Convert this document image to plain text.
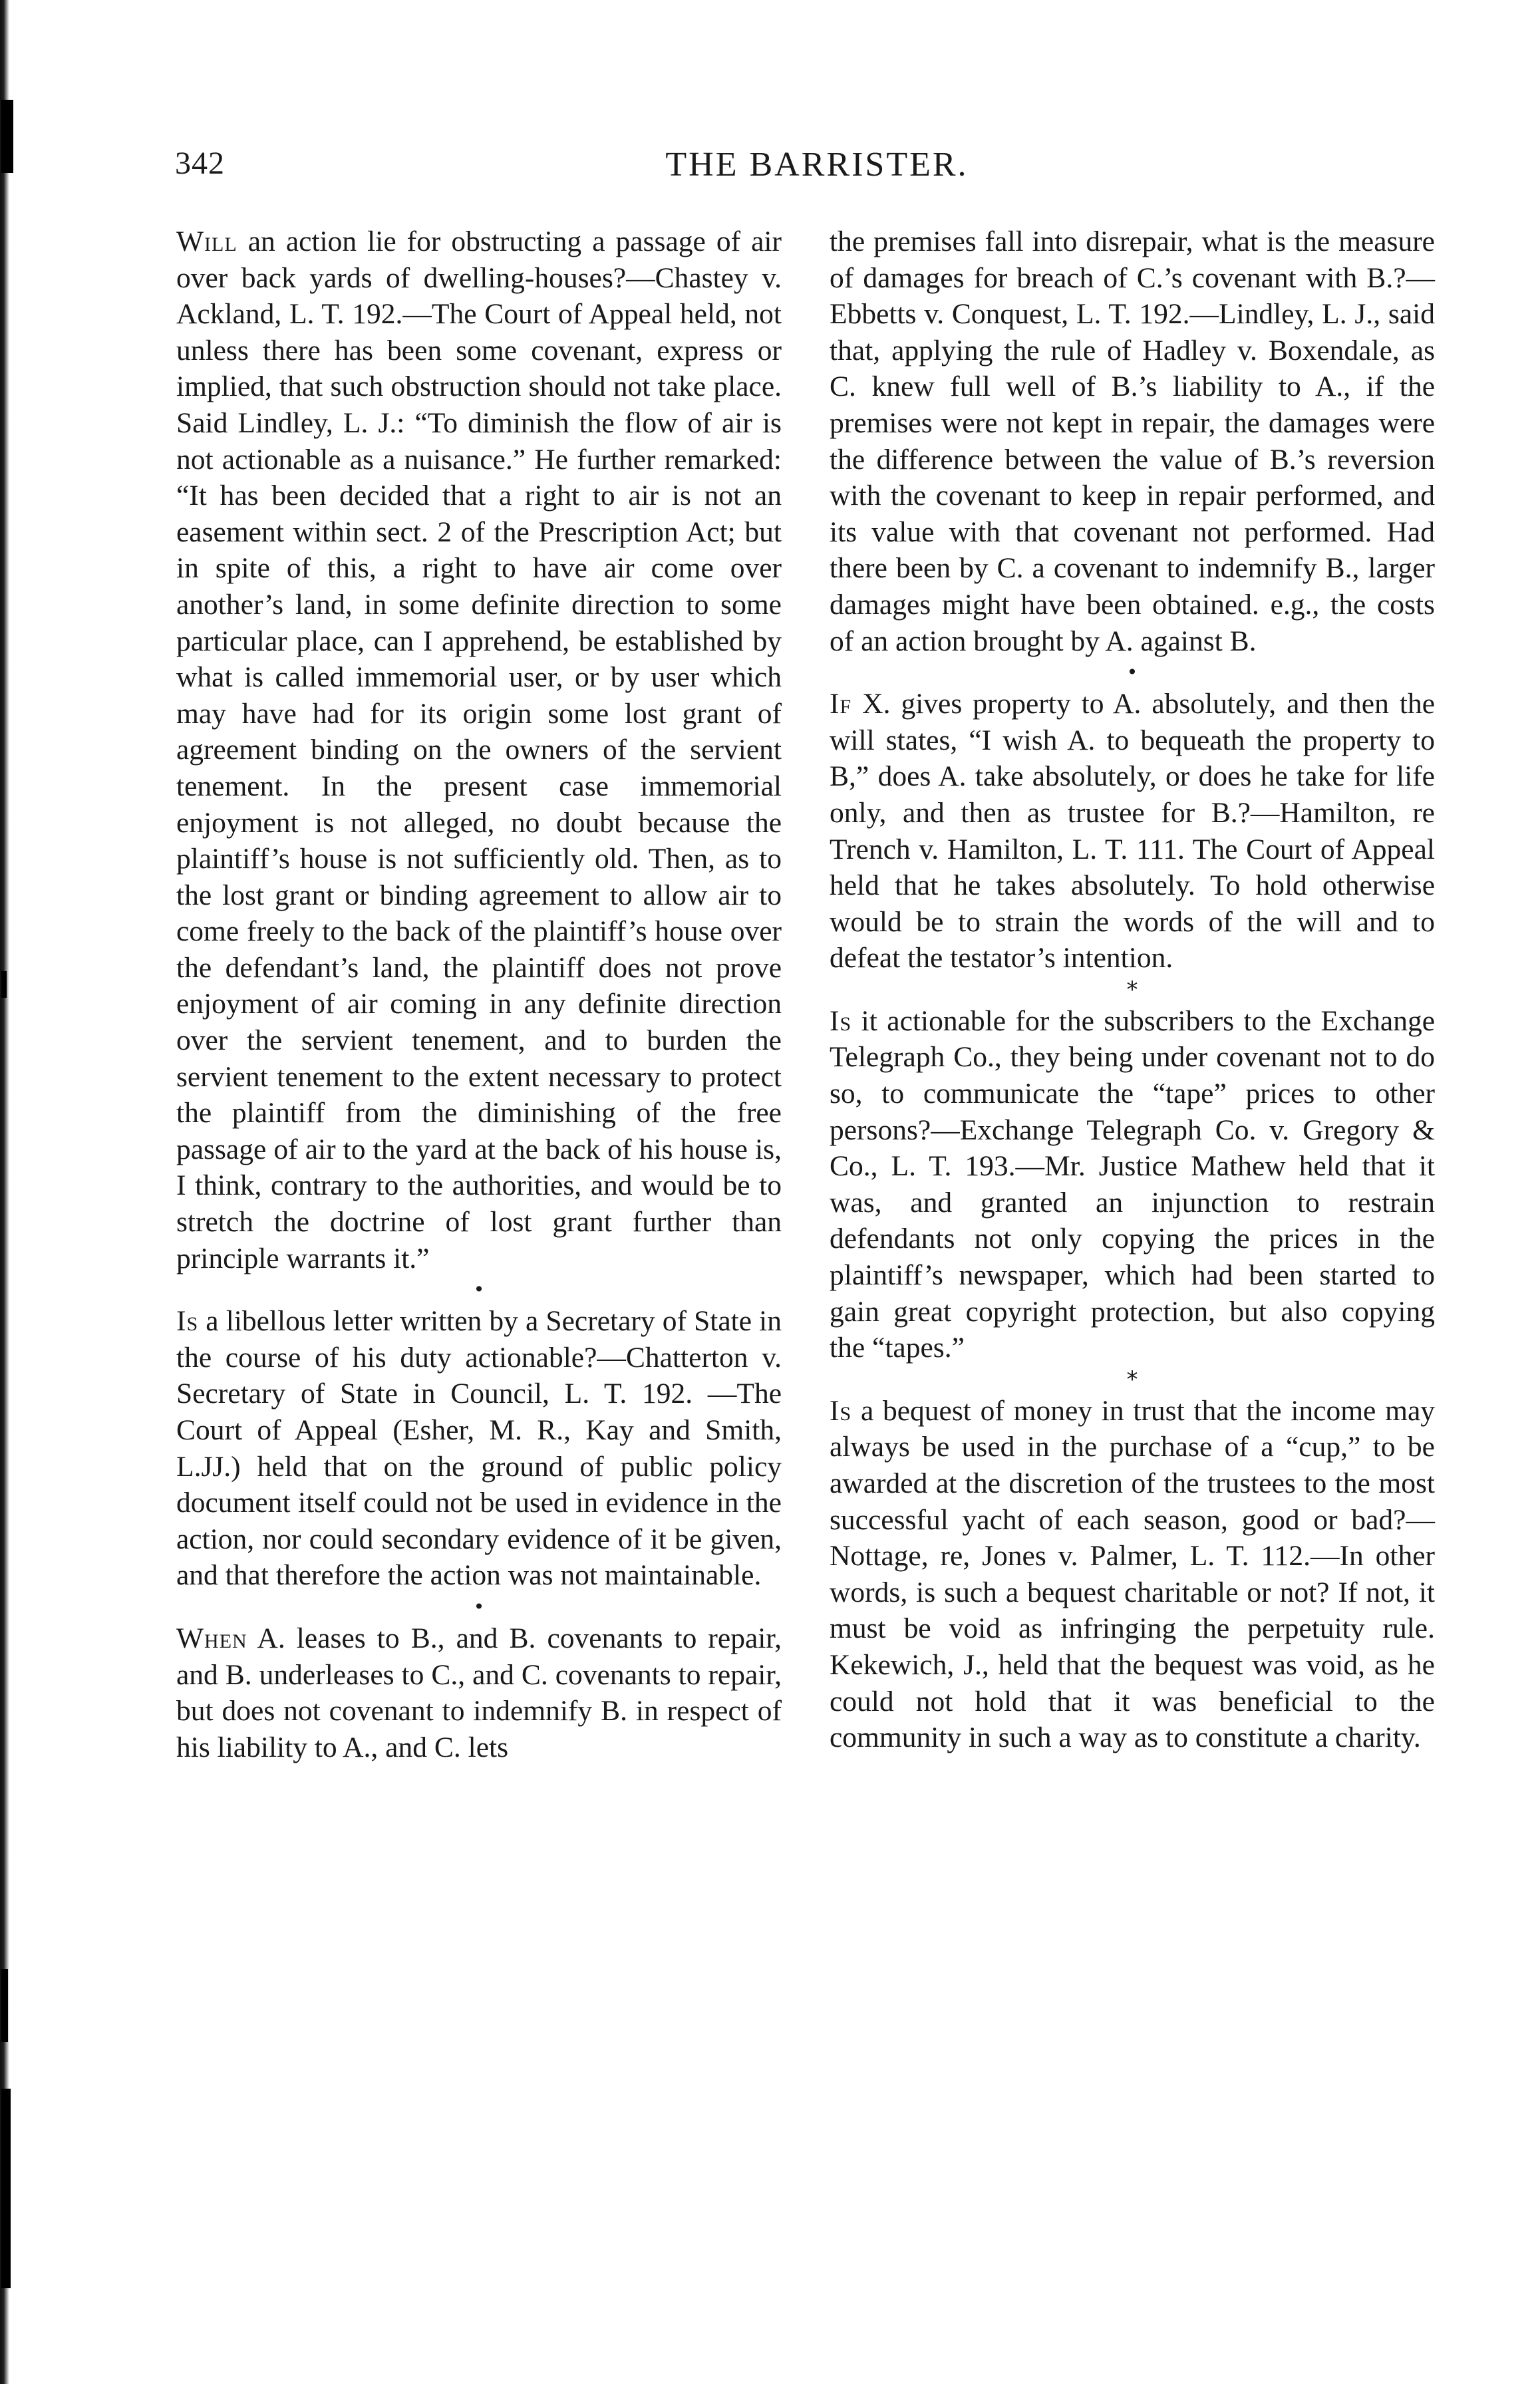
342	THE BARRISTER.

Will an action lie for obstructing a passage of air over back yards of dwelling-houses?—Chastey v. Ackland, L. T. 192.—The Court of Appeal held, not unless there has been some covenant, express or implied, that such obstruction should not take place. Said Lindley, L. J.: “To diminish the flow of air is not actionable as a nuisance.” He further remarked: “It has been decided that a right to air is not an easement within sect. 2 of the Prescription Act; but in spite of this, a right to have air come over another’s land, in some definite direction to some particular place, can I apprehend, be established by what is called immemorial user, or by user which may have had for its origin some lost grant of agreement binding on the owners of the servient tenement. In the present case immemorial enjoyment is not alleged, no doubt because the plaintiff’s house is not sufficiently old. Then, as to the lost grant or binding agreement to allow air to come freely to the back of the plaintiff’s house over the defendant’s land, the plaintiff does not prove enjoyment of air coming in any definite direction over the servient tenement, and to burden the servient tenement to the extent necessary to protect the plaintiff from the diminishing of the free passage of air to the yard at the back of his house is, I think, contrary to the authorities, and would be to stretch the doctrine of lost grant further than principle warrants it.”

•

Is a libellous letter written by a Secretary of State in the course of his duty actionable?—Chatterton v. Secretary of State in Council, L. T. 192. —The Court of Appeal (Esher, M. R., Kay and Smith, L.JJ.) held that on the ground of public policy document itself could not be used in evidence in the action, nor could secondary evidence of it be given, and that therefore the action was not maintainable.

•

When A. leases to B., and B. covenants to repair, and B. underleases to C., and C. covenants to repair, but does not covenant to indemnify B. in respect of his liability to A., and C. lets

the premises fall into disrepair, what is the measure of damages for breach of C.’s covenant with B.?—Ebbetts v. Conquest, L. T. 192.—Lindley, L. J., said that, applying the rule of Hadley v. Boxendale, as C. knew full well of B.’s liability to A., if the premises were not kept in repair, the damages were the difference between the value of B.’s reversion with the covenant to keep in repair performed, and its value with that covenant not performed. Had there been by C. a covenant to indemnify B., larger damages might have been obtained. e.g., the costs of an action brought by A. against B.

•

If X. gives property to A. absolutely, and then the will states, “I wish A. to bequeath the property to B,” does A. take absolutely, or does he take for life only, and then as trustee for B.?—Hamilton, re Trench v. Hamilton, L. T. 111. The Court of Appeal held that he takes absolutely. To hold otherwise would be to strain the words of the will and to defeat the testator’s intention.

*

Is it actionable for the subscribers to the Exchange Telegraph Co., they being under covenant not to do so, to communicate the “tape” prices to other persons?—Exchange Telegraph Co. v. Gregory & Co., L. T. 193.—Mr. Justice Mathew held that it was, and granted an injunction to restrain defendants not only copying the prices in the plaintiff’s newspaper, which had been started to gain great copyright protection, but also copying the “tapes.”

*

Is a bequest of money in trust that the income may always be used in the purchase of a “cup,” to be awarded at the discretion of the trustees to the most successful yacht of each season, good or bad?—Nottage, re, Jones v. Palmer, L. T. 112.—In other words, is such a bequest charitable or not? If not, it must be void as infringing the perpetuity rule. Kekewich, J., held that the bequest was void, as he could not hold that it was beneficial to the community in such a way as to constitute a charity.
